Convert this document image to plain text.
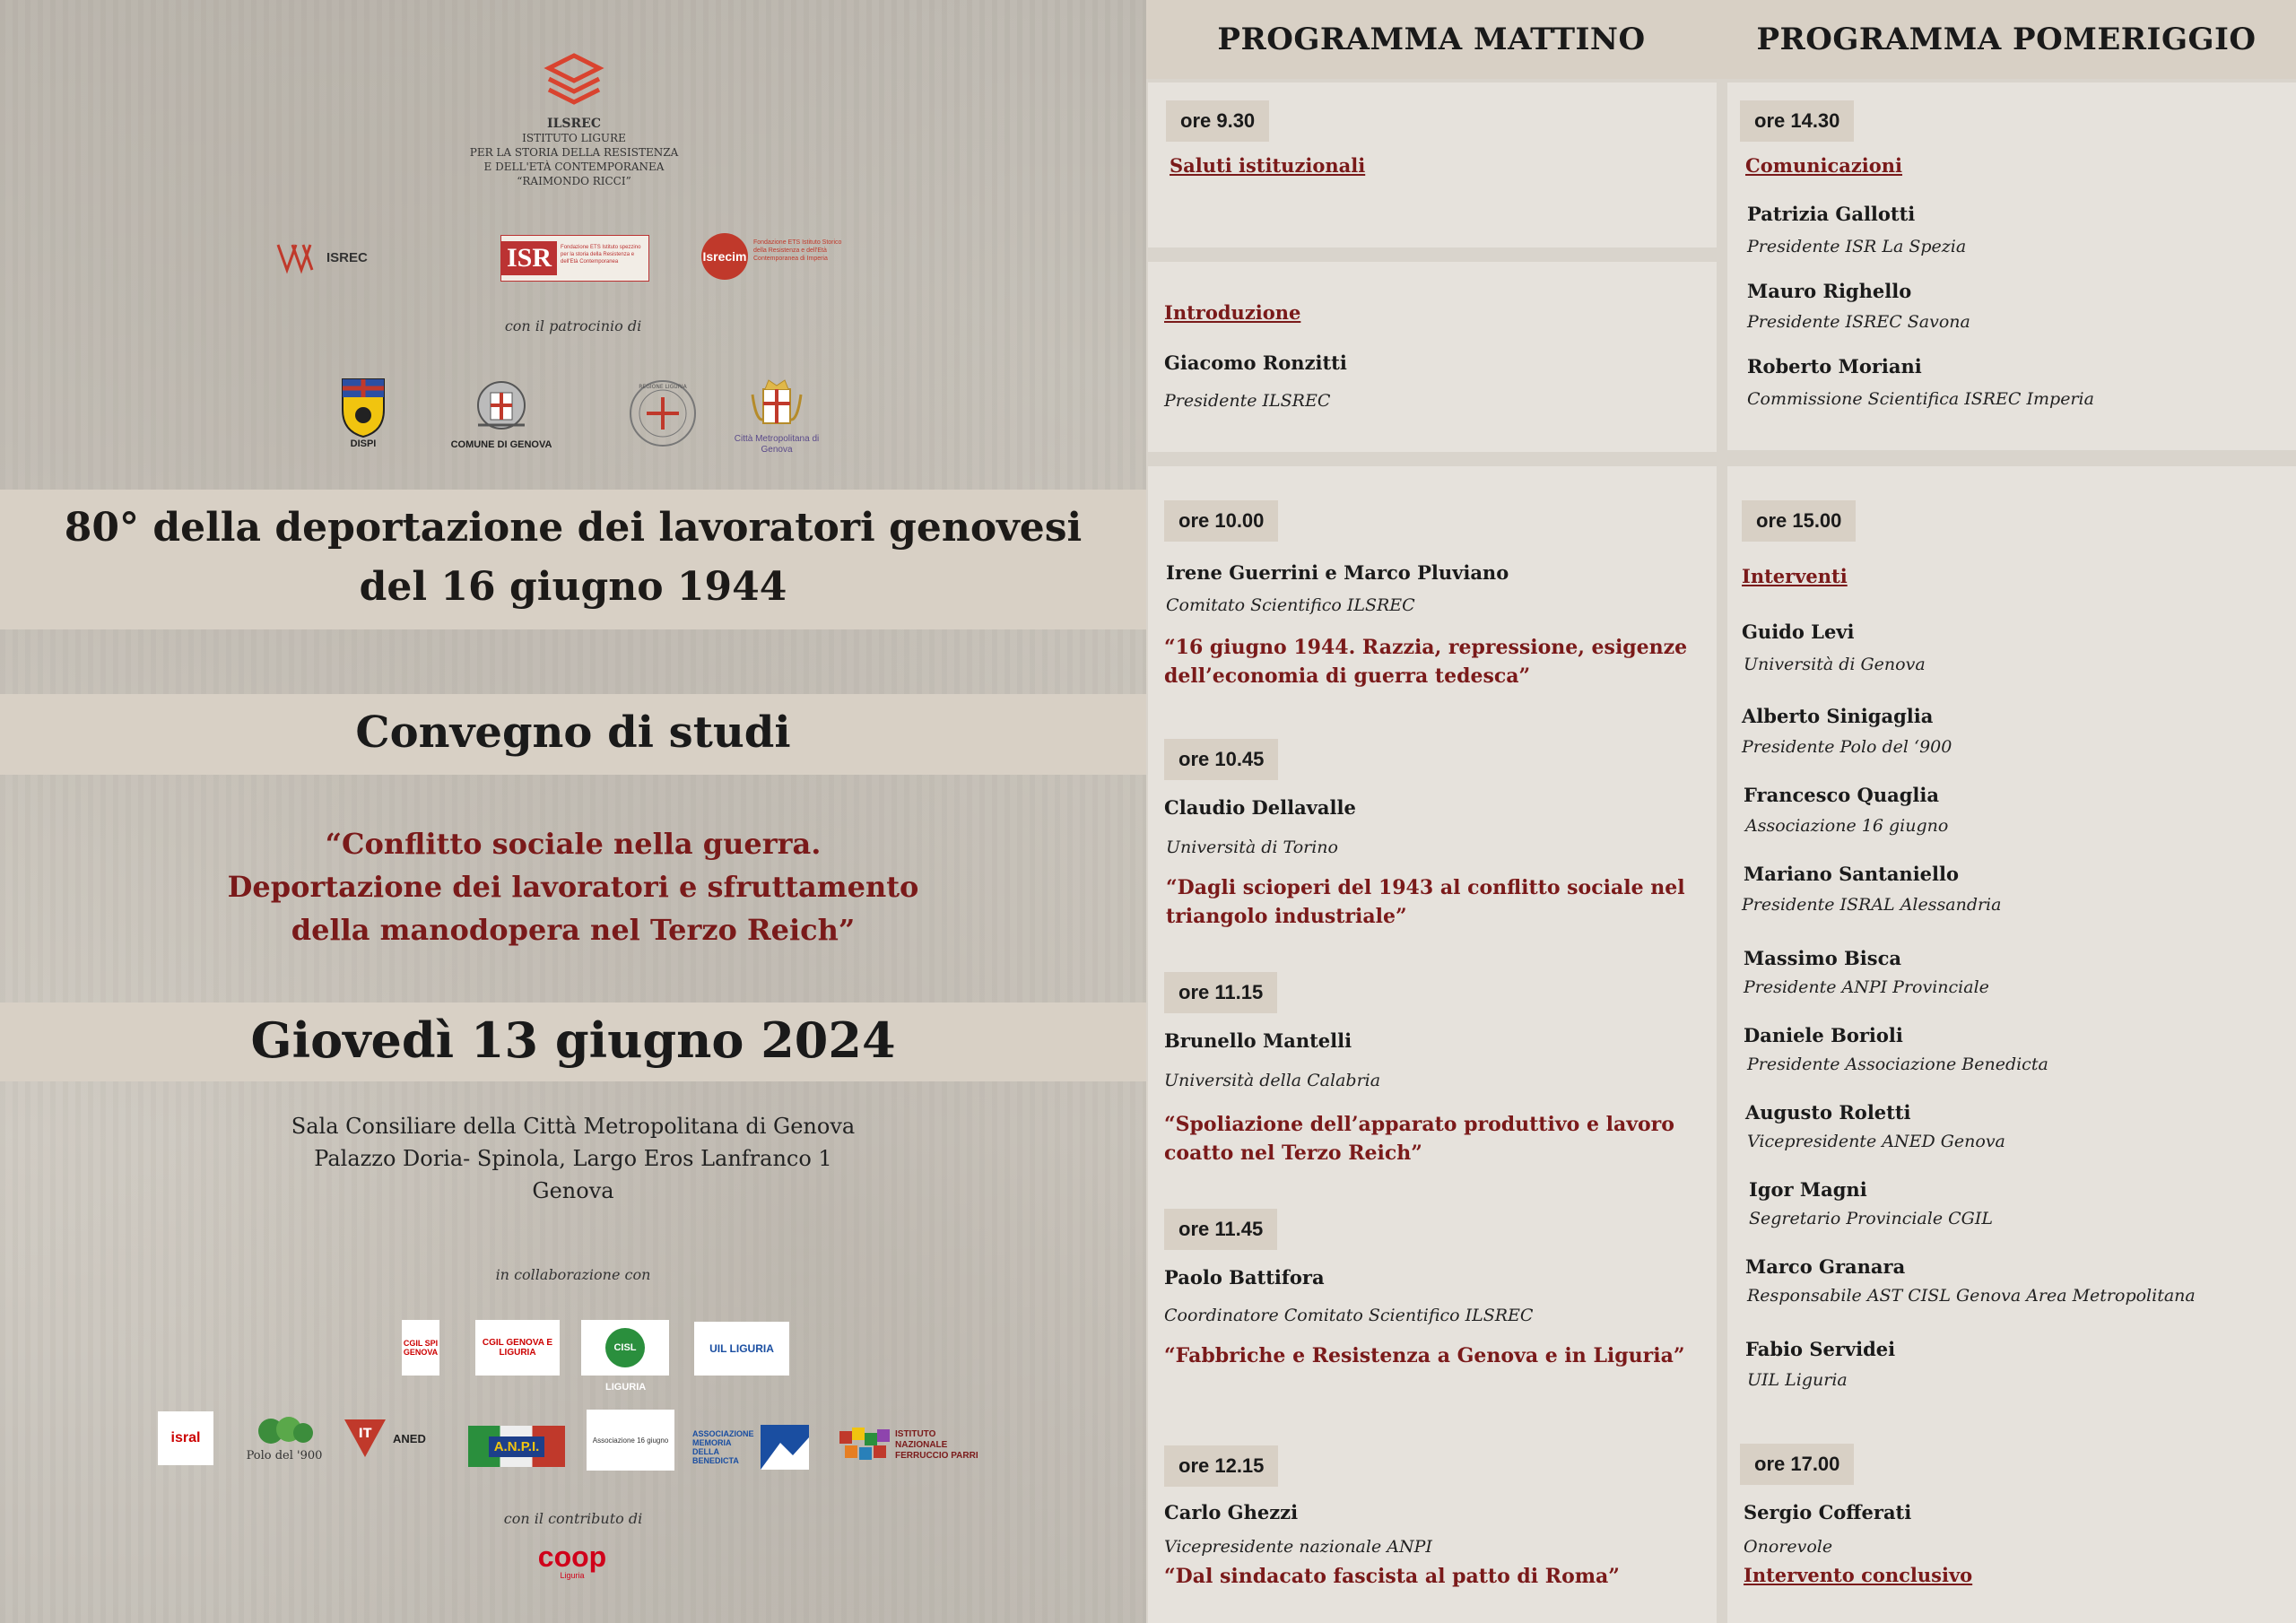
ILSREC
ISTITUTO LIGURE
PER LA STORIA DELLA RESISTENZA
E DELL'ETÀ CONTEMPORANEA
“RAIMONDO RICCI”
ISREC	ISR	Fondazione ETS Istituto spezzino per la storia della Resistenza e dell'Età Contemporanea	Isrecim
Fondazione ETS Istituto Storico della Resistenza e dell'Età Contemporanea di Imperia
con il patrocinio di
DISPI	COMUNE DI GENOVA
REGIONE LIGURIA
Città Metropolitana di Genova
80° della deportazione dei lavoratori genovesi
del 16 giugno 1944
Convegno di studi
“Conflitto sociale nella guerra.
Deportazione dei lavoratori e sfruttamento
della manodopera nel Terzo Reich”
Giovedì 13 giugno 2024
Sala Consiliare della Città Metropolitana di Genova
Palazzo Doria- Spinola, Largo Eros Lanfranco 1
Genova
in collaborazione con
CGIL SPI GENOVA
CGIL GENOVA E LIGURIA	CISL LIGURIA
UIL LIGURIA
isral
Polo del '900
IT ANED
A.N.P.I.	Associazione 16 giugno
ASSOCIAZIONE MEMORIA DELLA BENEDICTA
ISTITUTO NAZIONALE FERRUCCIO PARRI
con il contributo di
coop
Liguria
PROGRAMMA MATTINO
ore 9.30
Saluti istituzionali
Introduzione
Giacomo Ronzitti
Presidente ILSREC
ore 10.00
Irene Guerrini e Marco Pluviano
Comitato Scientifico ILSREC
“16 giugno 1944. Razzia, repressione, esigenze
dell’economia di guerra tedesca”
ore 10.45
Claudio Dellavalle
Università di Torino
“Dagli scioperi del 1943 al conflitto sociale nel
triangolo industriale”
ore 11.15
Brunello Mantelli
Università della Calabria
“Spoliazione dell’apparato produttivo e lavoro
coatto nel Terzo Reich”
ore 11.45
Paolo Battifora
Coordinatore Comitato Scientifico ILSREC
“Fabbriche e Resistenza a Genova e in Liguria”
ore 12.15
Carlo Ghezzi
Vicepresidente nazionale ANPI
“Dal sindacato fascista al patto di Roma”
PROGRAMMA POMERIGGIO
ore 14.30
Comunicazioni
Patrizia Gallotti
Presidente ISR La Spezia
Mauro Righello
Presidente ISREC Savona
Roberto Moriani
Commissione Scientifica ISREC Imperia
ore 15.00
Interventi
Guido Levi
Università di Genova
Alberto Sinigaglia
Presidente Polo del ‘900
Francesco Quaglia
Associazione 16 giugno
Mariano Santaniello
Presidente ISRAL Alessandria
Massimo Bisca
Presidente ANPI Provinciale
Daniele Borioli
Presidente Associazione Benedicta
Augusto Roletti
Vicepresidente ANED Genova
Igor Magni
Segretario Provinciale CGIL
Marco Granara
Responsabile AST CISL Genova Area Metropolitana
Fabio Servidei
UIL Liguria
ore 17.00
Sergio Cofferati
Onorevole
Intervento conclusivo
